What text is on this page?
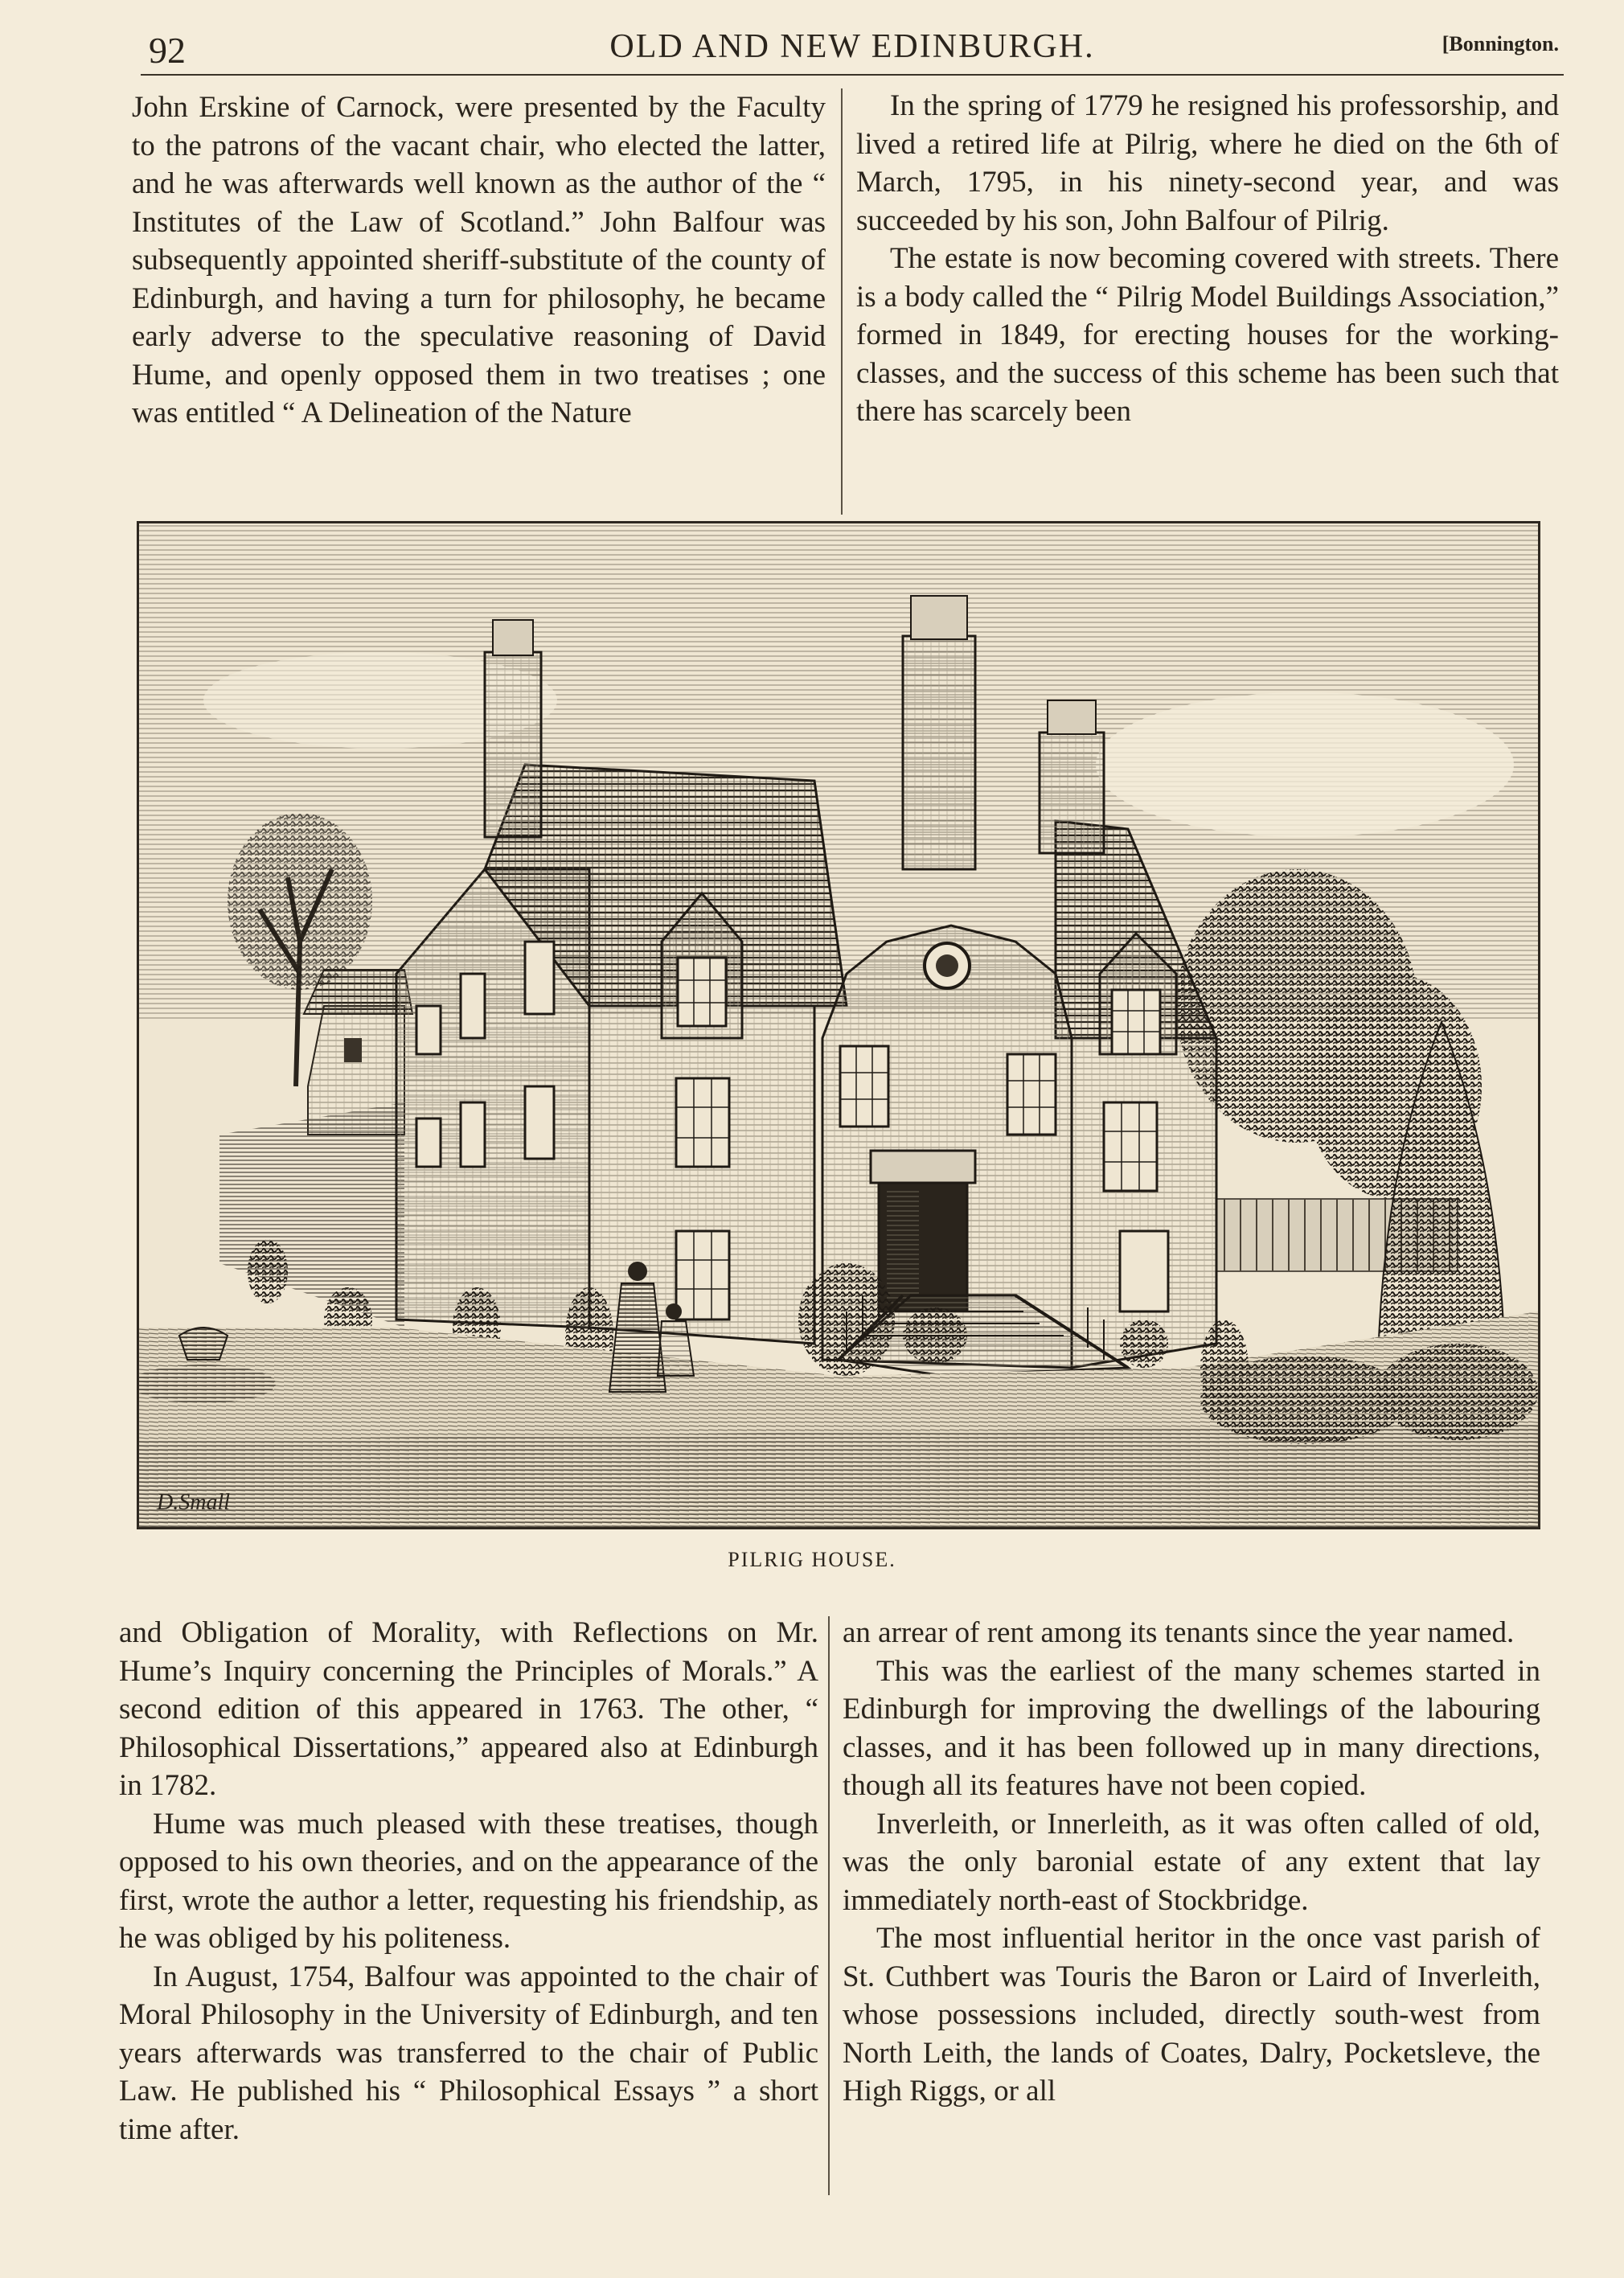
92	OLD AND NEW EDINBURGH.	[Bonnington.

John Erskine of Carnock, were presented by the Faculty to the patrons of the vacant chair, who elected the latter, and he was afterwards well known as the author of the “ Institutes of the Law of Scotland.” John Balfour was subsequently appointed sheriff-substitute of the county of Edinburgh, and having a turn for philosophy, he became early adverse to the speculative reasoning of David Hume, and openly opposed them in two treatises ; one was entitled “ A Delineation of the Nature

In the spring of 1779 he resigned his professorship, and lived a retired life at Pilrig, where he died on the 6th of March, 1795, in his ninety-second year, and was succeeded by his son, John Balfour of Pilrig.

The estate is now becoming covered with streets. There is a body called the “ Pilrig Model Buildings Association,” formed in 1849, for erecting houses for the working-classes, and the success of this scheme has been such that there has scarcely been

D.Small
PILRIG HOUSE.

and Obligation of Morality, with Reflections on Mr. Hume’s Inquiry concerning the Principles of Morals.” A second edition of this appeared in 1763. The other, “ Philosophical Dissertations,” appeared also at Edinburgh in 1782.

Hume was much pleased with these treatises, though opposed to his own theories, and on the appearance of the first, wrote the author a letter, requesting his friendship, as he was obliged by his politeness.

In August, 1754, Balfour was appointed to the chair of Moral Philosophy in the University of Edinburgh, and ten years afterwards was transferred to the chair of Public Law. He published his “ Philosophical Essays ” a short time after.

an arrear of rent among its tenants since the year named.

This was the earliest of the many schemes started in Edinburgh for improving the dwellings of the labouring classes, and it has been followed up in many directions, though all its features have not been copied.

Inverleith, or Innerleith, as it was often called of old, was the only baronial estate of any extent that lay immediately north-east of Stockbridge.

The most influential heritor in the once vast parish of St. Cuthbert was Touris the Baron or Laird of Inverleith, whose possessions included, directly south-west from North Leith, the lands of Coates, Dalry, Pocketsleve, the High Riggs, or all
